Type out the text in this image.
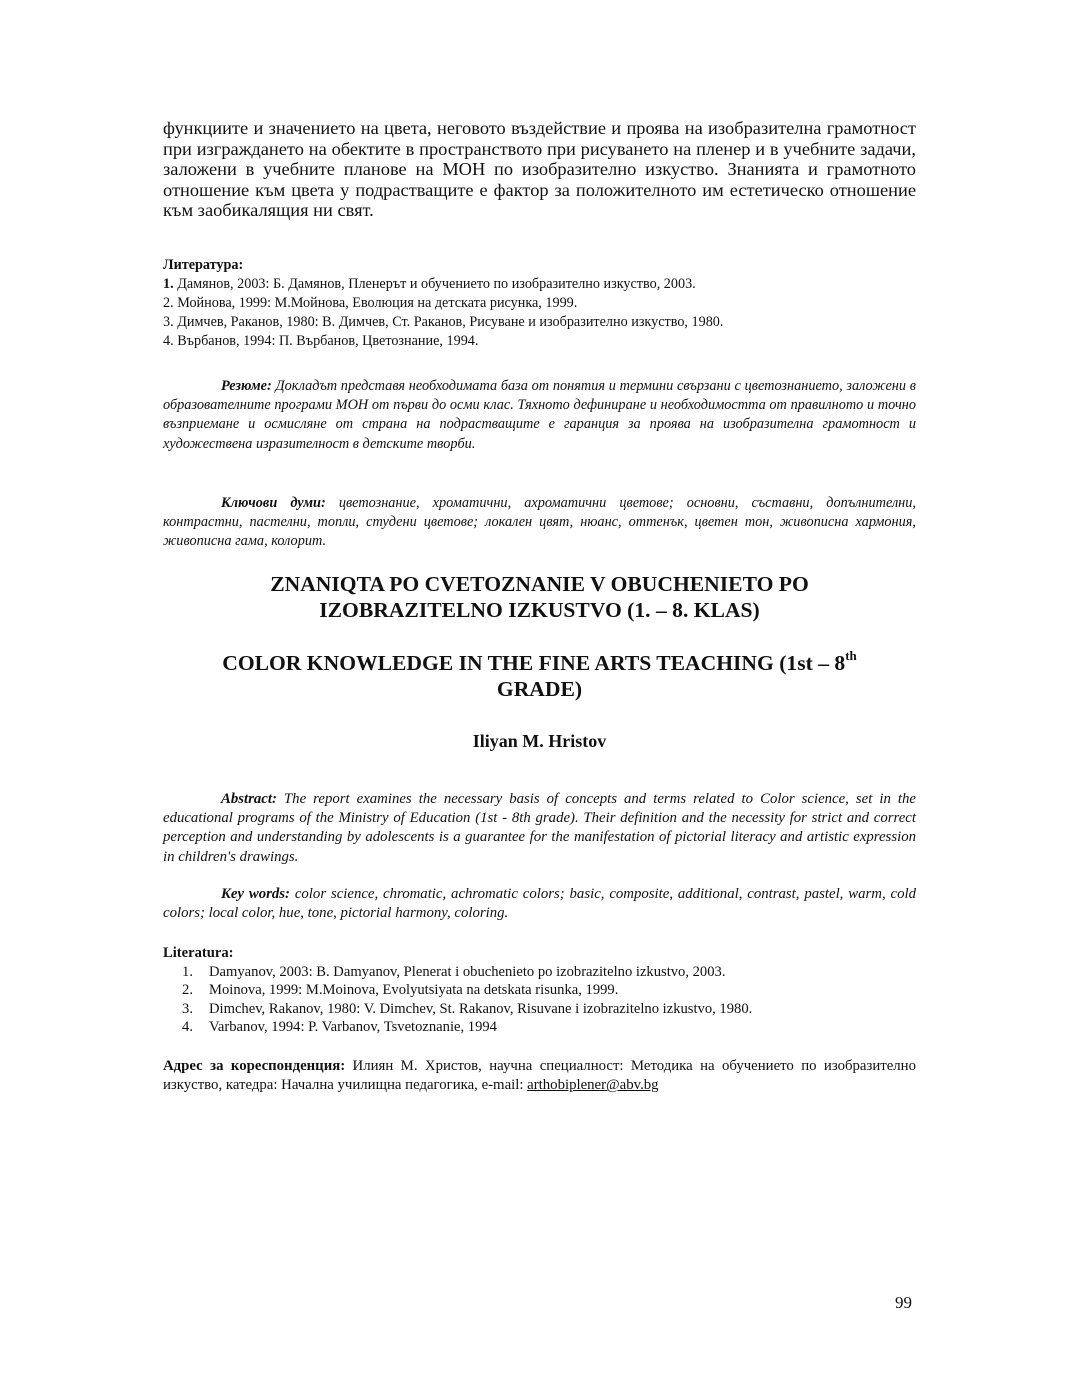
функциите и значението на цвета, неговото въздействие и проява на изобразителна грамотност при изграждането на обектите в пространството при рисуването на пленер и в учебните задачи, заложени в учебните планове на МОН по изобразително изкуство. Знанията и грамотното отношение към цвета у подрастващите е фактор за положителното им естетическо отношение към заобикалящия ни свят.

Литература:
1. Дамянов, 2003: Б. Дамянов, Пленерът и обучението по изобразително изкуство, 2003.
2. Мойнова, 1999: М.Мойнова, Еволюция на детската рисунка, 1999.
3. Димчев, Раканов, 1980: В. Димчев, Ст. Раканов, Рисуване и изобразително изкуство, 1980.
4. Върбанов, 1994: П. Върбанов, Цветознание, 1994.

Резюме: Докладът представя необходимата база от понятия и термини свързани с цветознанието, заложени в образователните програми МОН от първи до осми клас. Тяхното дефиниране и необходимостта от правилното и точно възприемане и осмисляне от страна на подрастващите е гаранция за проява на изобразителна грамотност и художествена изразителност в детските творби.

Ключови думи: цветознание, хроматични, ахроматични цветове; основни, съставни, допълнителни, контрастни, пастелни, топли, студени цветове; локален цвят, нюанс, оттенък, цветен тон, живописна хармония, живописна гама, колорит.

ZNANIQTA PO CVETOZNANIE V OBUCHENIETO PO
IZOBRAZITELNO IZKUSTVO (1. – 8. KLAS)
COLOR KNOWLEDGE IN THE FINE ARTS TEACHING (1st – 8th
GRADE)
Iliyan M. Hristov

Abstract: The report examines the necessary basis of concepts and terms related to Color science, set in the educational programs of the Ministry of Education (1st - 8th grade). Their definition and the necessity for strict and correct perception and understanding by adolescents is a guarantee for the manifestation of pictorial literacy and artistic expression in children's drawings.

Key words: color science, chromatic, achromatic colors; basic, composite, additional, contrast, pastel, warm, cold colors; local color, hue, tone, pictorial harmony, coloring.

Literatura:
1. Damyanov, 2003: B. Damyanov, Plenerat i obuchenieto po izobrazitelno izkustvo, 2003.
2. Moinova, 1999: M.Moinova, Evolyutsiyata na detskata risunka, 1999.
3. Dimchev, Rakanov, 1980: V. Dimchev, St. Rakanov, Risuvane i izobrazitelno izkustvo, 1980.
4. Varbanov, 1994: P. Varbanov, Tsvetoznanie, 1994

Адрес за кореспонденция: Илиян М. Христов, научна специалност: Методика на обучението по изобразително изкуство, катедра: Начална училищна педагогика, e-mail: arthobiplener@abv.bg

99
